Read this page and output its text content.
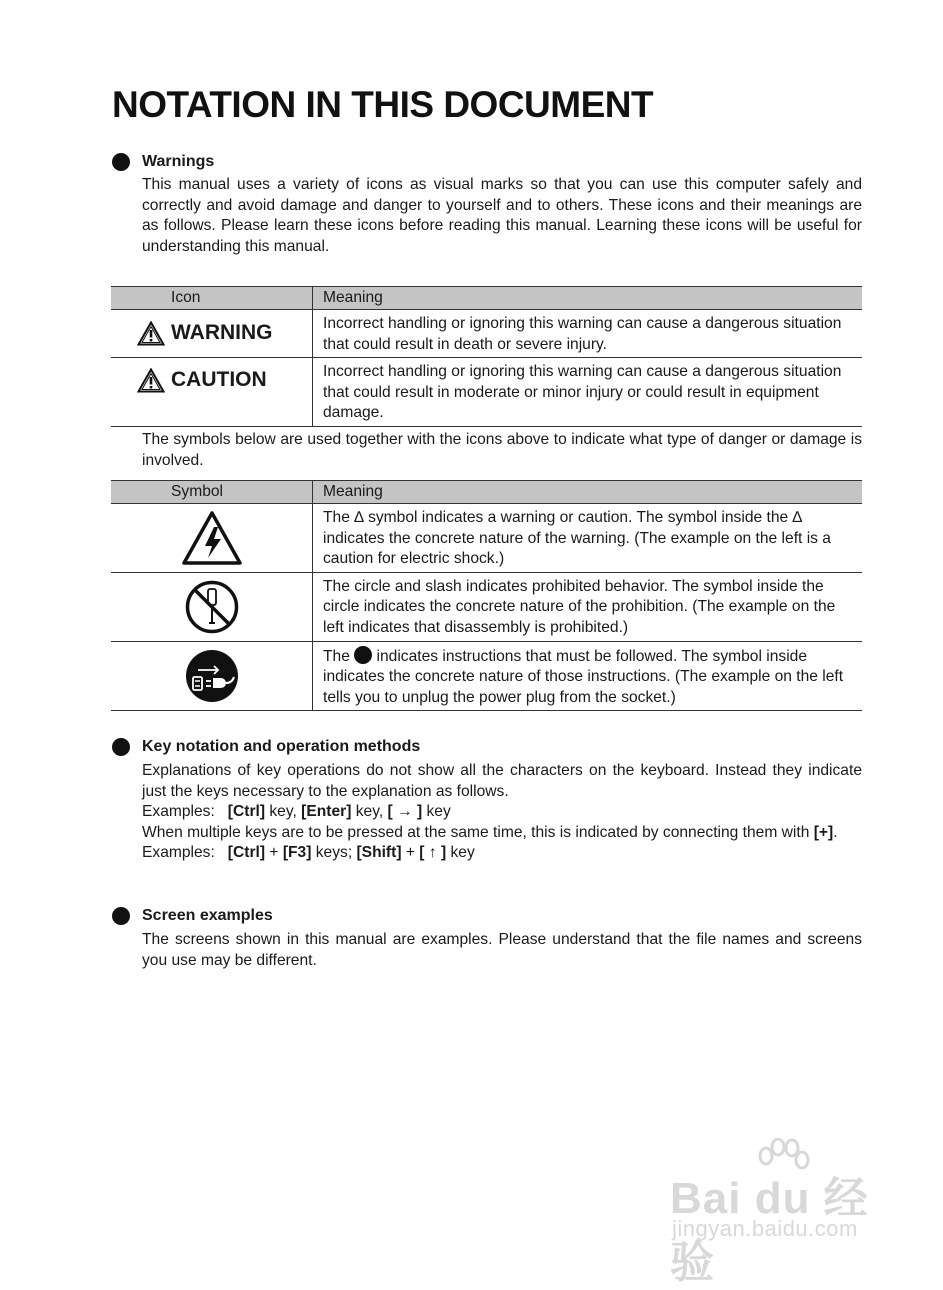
NOTATION IN THIS DOCUMENT
Warnings
This manual uses a variety of icons as visual marks so that you can use this computer safely and correctly and avoid damage and danger to yourself and to others. These icons and their meanings are as follows. Please learn these icons before reading this manual. Learning these icons will be useful for understanding this manual.
Icon	Meaning

WARNING	Incorrect handling or ignoring this warning can cause a dangerous situation that could result in death or severe injury.

CAUTION	Incorrect handling or ignoring this warning can cause a dangerous situation that could result in moderate or minor injury or could result in equipment damage.
The symbols below are used together with the icons above to indicate what type of danger or damage is involved.
Symbol	Meaning

	The ∆ symbol indicates a warning or caution. The symbol inside the ∆ indicates the concrete nature of the warning. (The example on the left is a caution for electric shock.)

	The circle and slash indicates prohibited behavior. The symbol inside the circle indicates the concrete nature of the prohibition. (The example on the left indicates that disassembly is prohibited.)

	The  indicates instructions that must be followed. The symbol inside indicates the concrete nature of those instructions. (The example on the left tells you to unplug the power plug from the socket.)
Key notation and operation methods
Explanations of key operations do not show all the characters on the keyboard. Instead they indicate just the keys necessary to the explanation as follows.
Examples:   [Ctrl] key, [Enter] key, [ → ] key
When multiple keys are to be pressed at the same time, this is indicated by connecting them with [+].
Examples:   [Ctrl] + [F3] keys; [Shift] + [ ↑ ] key
Screen examples
The screens shown in this manual are examples. Please understand that the file names and screens you use may be different.
Bai du 经验
jingyan.baidu.com
